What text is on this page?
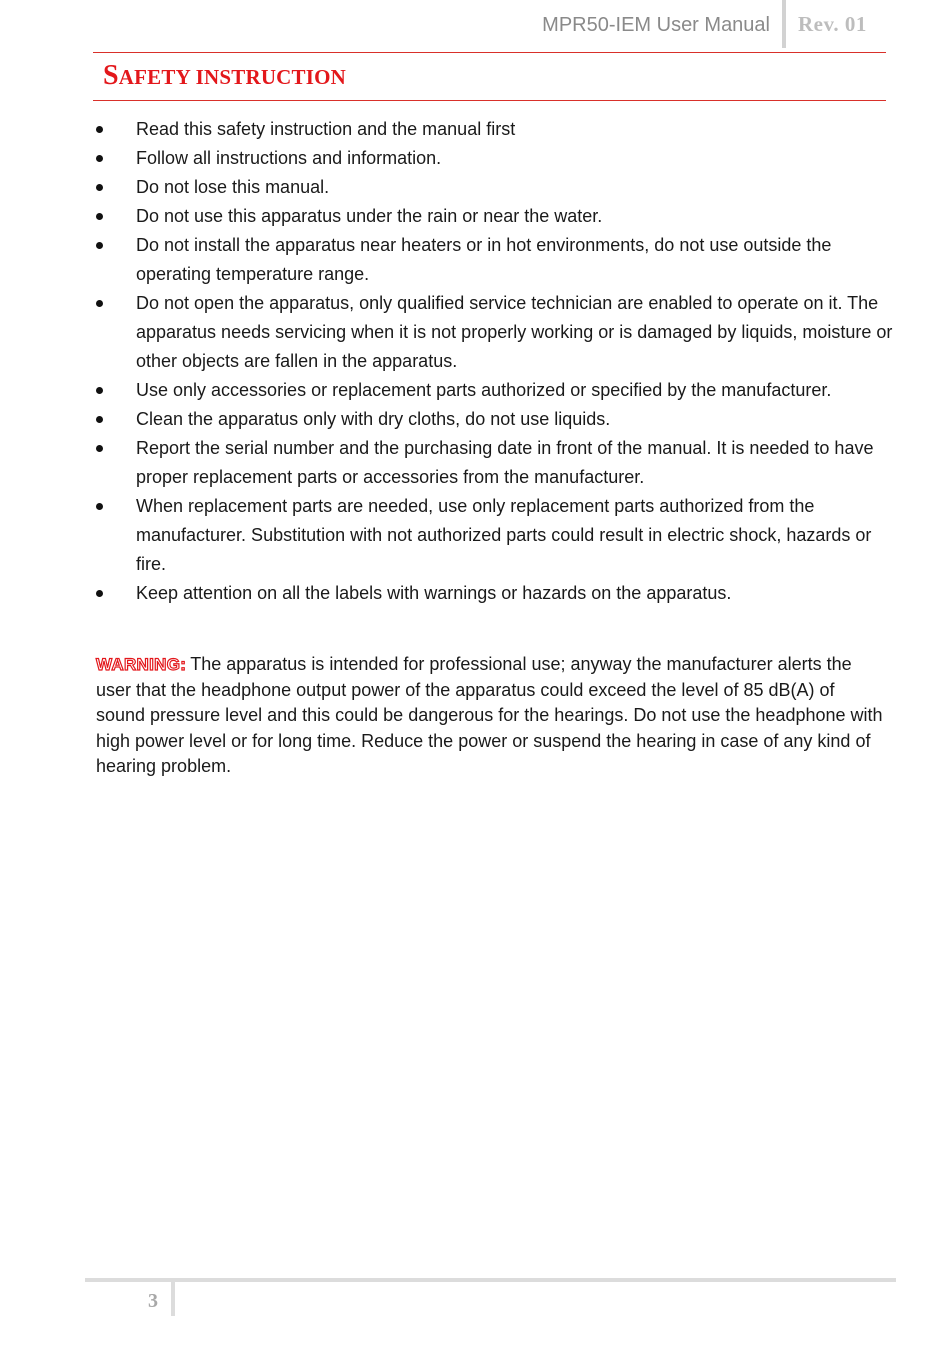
MPR50-IEM User Manual Rev. 01
SAFETY INSTRUCTION
Read this safety instruction and the manual first
Follow all instructions and information.
Do not lose this manual.
Do not use this apparatus under the rain or near the water.
Do not install the apparatus near heaters or in hot environments, do not use outside the operating temperature range.
Do not open the apparatus, only qualified service technician are enabled to operate on it. The apparatus needs servicing when it is not properly working or is damaged by liquids, moisture or other objects are fallen in the apparatus.
Use only accessories or replacement parts authorized or specified by the manufacturer.
Clean the apparatus only with dry cloths, do not use liquids.
Report the serial number and the purchasing date in front of the manual. It is needed to have proper replacement parts or accessories from the manufacturer.
When replacement parts are needed, use only replacement parts authorized from the manufacturer. Substitution with not authorized parts could result in electric shock, hazards or fire.
Keep attention on all the labels with warnings or hazards on the apparatus.

WARNING: The apparatus is intended for professional use; anyway the manufacturer alerts the user that the headphone output power of the apparatus could exceed the level of 85 dB(A) of sound pressure level and this could be dangerous for the hearings. Do not use the headphone with high power level or for long time. Reduce the power or suspend the hearing in case of any kind of hearing problem.

3
